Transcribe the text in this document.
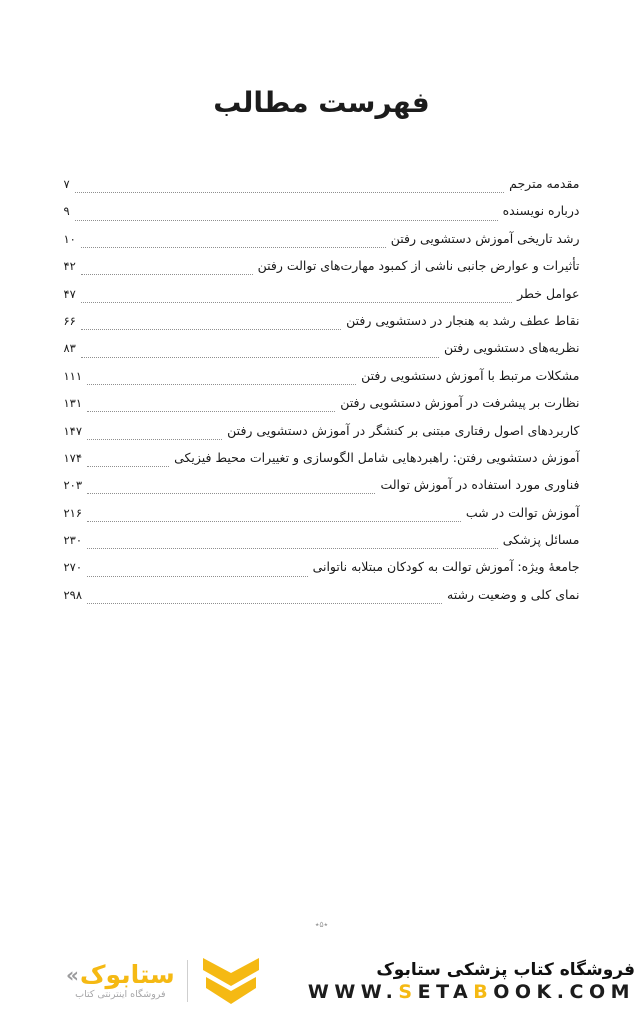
فهرست مطالب
مقدمه مترجم
۷
درباره نویسنده
۹
رشد تاریخی آموزش دستشویی رفتن
۱۰
تأثیرات و عوارض جانبی ناشی از کمبود مهارت‌های توالت رفتن
۴۲
عوامل خطر
۴۷
نقاط عطف رشد به هنجار در دستشویی رفتن
۶۶
نظریه‌های دستشویی رفتن
۸۳
مشکلات مرتبط با آموزش دستشویی رفتن
۱۱۱
نظارت بر پیشرفت در آموزش دستشویی رفتن
۱۳۱
کاربردهای اصول رفتاری مبتنی بر کنشگر در آموزش دستشویی رفتن
۱۴۷
آموزش دستشویی رفتن: راهبردهایی شامل الگوسازی و تغییرات محیط فیزیکی
۱۷۴
فناوری مورد استفاده در آموزش توالت
۲۰۳
آموزش توالت در شب
۲۱۶
مسائل پزشکی
۲۳۰
جامعهٔ ویژه: آموزش توالت به کودکان مبتلابه ناتوانی
۲۷۰
نمای کلی و وضعیت رشته
۲۹۸
٭۵٭
« ستابوک
فروشگاه اینترنتی کتاب
فروشگاه کتاب پزشکی ستابوک
WWW.SETABOOK.COM
